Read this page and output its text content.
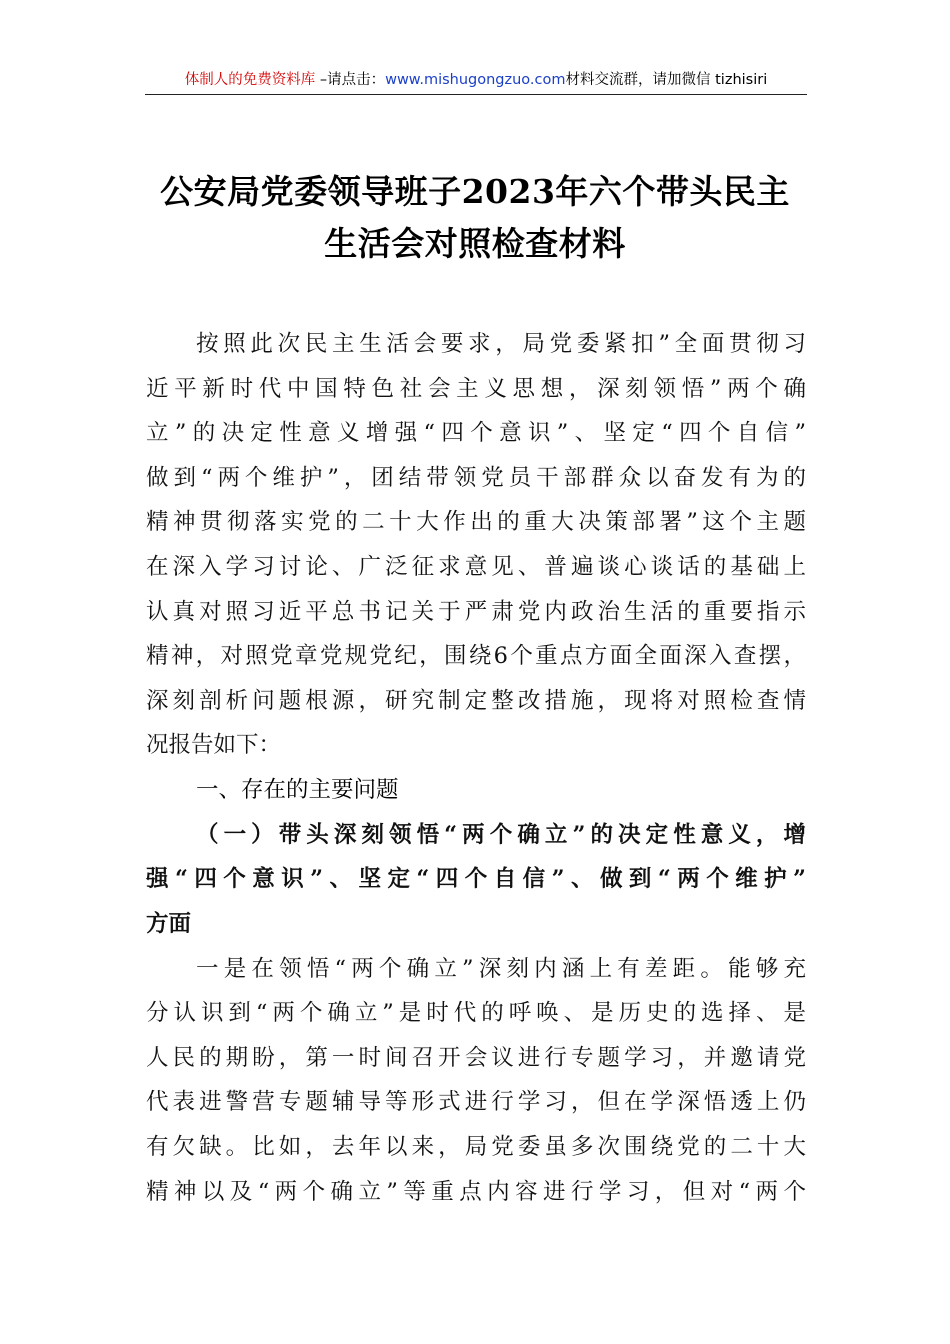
体制人的免费资料库 –请点击：www.mishugongzuo.com材料交流群，请加微信 tizhisiri
公安局党委领导班子2023年六个带头民主
生活会对照检查材料
按照此次民主生活会要求，局党委紧扣”全面贯彻习
近平新时代中国特色社会主义思想，深刻领悟”两个确
立”的决定性意义增强“四个意识”、坚定“四个自信”
做到“两个维护”，团结带领党员干部群众以奋发有为的
精神贯彻落实党的二十大作出的重大决策部署”这个主题
在深入学习讨论、广泛征求意见、普遍谈心谈话的基础上
认真对照习近平总书记关于严肃党内政治生活的重要指示
精神，对照党章党规党纪，围绕6个重点方面全面深入查摆，
深刻剖析问题根源，研究制定整改措施，现将对照检查情
况报告如下：
一、存在的主要问题
（一）带头深刻领悟“两个确立”的决定性意义，增
强“四个意识”、坚定“四个自信”、做到“两个维护”
方面
一是在领悟“两个确立”深刻内涵上有差距。能够充
分认识到“两个确立”是时代的呼唤、是历史的选择、是
人民的期盼，第一时间召开会议进行专题学习，并邀请党
代表进警营专题辅导等形式进行学习，但在学深悟透上仍
有欠缺。比如，去年以来，局党委虽多次围绕党的二十大
精神以及“两个确立”等重点内容进行学习，但对“两个
